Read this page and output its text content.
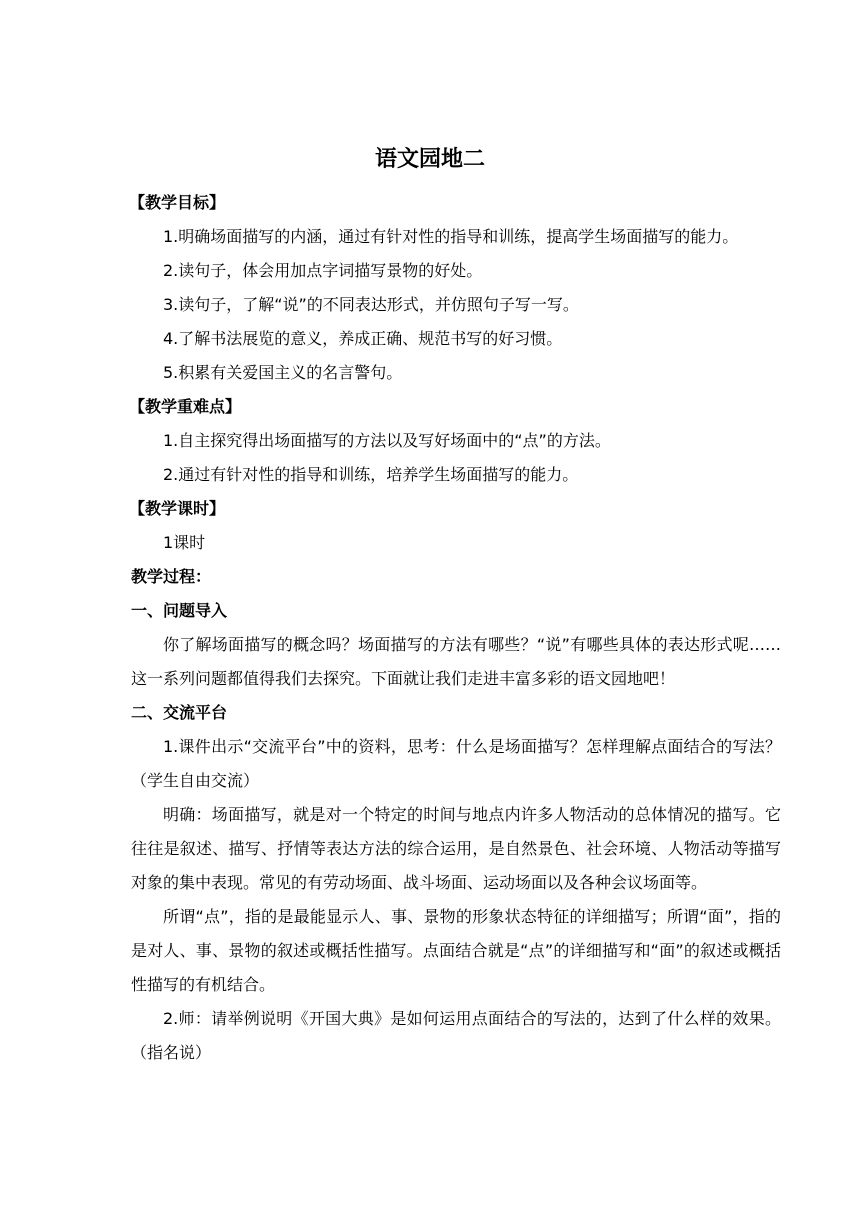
语文园地二

【教学目标】

1.明确场面描写的内涵，通过有针对性的指导和训练，提高学生场面描写的能力。

2.读句子，体会用加点字词描写景物的好处。

3.读句子，了解“说”的不同表达形式，并仿照句子写一写。

4.了解书法展览的意义，养成正确、规范书写的好习惯。

5.积累有关爱国主义的名言警句。

【教学重难点】

1.自主探究得出场面描写的方法以及写好场面中的“点”的方法。

2.通过有针对性的指导和训练，培养学生场面描写的能力。

【教学课时】

1课时

教学过程：

一、问题导入

你了解场面描写的概念吗？场面描写的方法有哪些？“说”有哪些具体的表达形式呢……这一系列问题都值得我们去探究。下面就让我们走进丰富多彩的语文园地吧！

二、交流平台

1.课件出示“交流平台”中的资料，思考：什么是场面描写？怎样理解点面结合的写法？（学生自由交流）

明确：场面描写，就是对一个特定的时间与地点内许多人物活动的总体情况的描写。它往往是叙述、描写、抒情等表达方法的综合运用，是自然景色、社会环境、人物活动等描写对象的集中表现。常见的有劳动场面、战斗场面、运动场面以及各种会议场面等。

所谓“点”，指的是最能显示人、事、景物的形象状态特征的详细描写；所谓“面”，指的是对人、事、景物的叙述或概括性描写。点面结合就是“点”的详细描写和“面”的叙述或概括性描写的有机结合。

2.师：请举例说明《开国大典》是如何运用点面结合的写法的，达到了什么样的效果。（指名说）
